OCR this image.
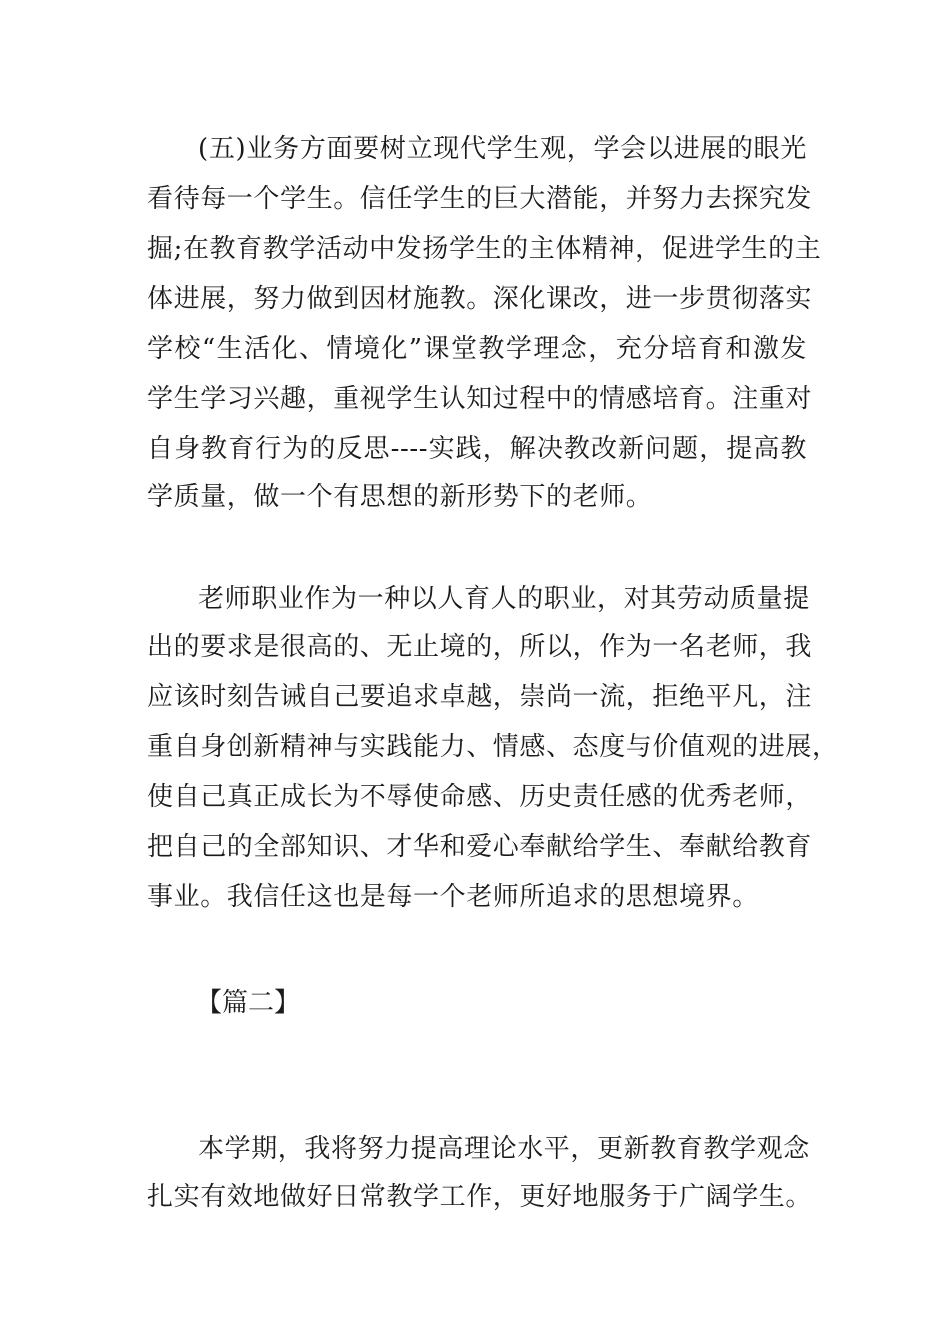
(五)业务方面要树立现代学生观，学会以进展的眼光
看待每一个学生。信任学生的巨大潜能，并努力去探究发
掘;在教育教学活动中发扬学生的主体精神，促进学生的主
体进展，努力做到因材施教。深化课改，进一步贯彻落实
学校“生活化、情境化”课堂教学理念，充分培育和激发
学生学习兴趣，重视学生认知过程中的情感培育。注重对
自身教育行为的反思----实践，解决教改新问题，提高教
学质量，做一个有思想的新形势下的老师。
老师职业作为一种以人育人的职业，对其劳动质量提
出的要求是很高的、无止境的，所以，作为一名老师，我
应该时刻告诫自己要追求卓越，崇尚一流，拒绝平凡，注
重自身创新精神与实践能力、情感、态度与价值观的进展，
使自己真正成长为不辱使命感、历史责任感的优秀老师，
把自己的全部知识、才华和爱心奉献给学生、奉献给教育
事业。我信任这也是每一个老师所追求的思想境界。
【篇二】
本学期，我将努力提高理论水平，更新教育教学观念
扎实有效地做好日常教学工作，更好地服务于广阔学生。
